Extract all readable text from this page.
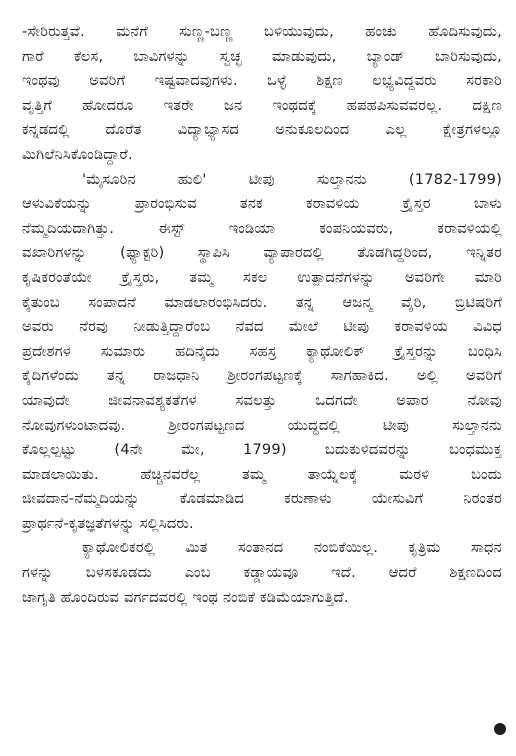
-ಸೇರಿರುತ್ತವೆ. ಮನೆಗೆ ಸುಣ್ಣ-ಬಣ್ಣ ಬಳಿಯುವುದು, ಹಂಚು ಹೊದಿಸುವುದು,
ಗಾರೆ ಕೆಲಸ, ಬಾವಿಗಳನ್ನು ಸ್ವಚ್ಛ ಮಾಡುವುದು, ಬ್ಯಾಂಡ್ ಬಾರಿಸುವುದು,
ಇಂಥವು ಅವರಿಗೆ ಇಷ್ಟವಾದವುಗಳು. ಒಳ್ಳೆ ಶಿಕ್ಷಣ ಲಭ್ಯವಿದ್ದವರು ಸರಕಾರಿ
ವೃತ್ತಿಗೆ ಹೋದರೂ ಇತರೇ ಜನ ಇಂಥದಕ್ಕೆ ಹಪಹಪಿಸುವವರಲ್ಲ. ದಕ್ಷಿಣ
ಕನ್ನಡದಲ್ಲಿ ದೊರೆತ ವಿದ್ಯಾಭ್ಯಾಸದ ಅನುಕೂಲದಿಂದ ಎಲ್ಲ ಕ್ಷೇತ್ರಗಳಲ್ಲೂ
ಮಿಗಿಲೆನಿಸಿಕೊಂಡಿದ್ದಾರೆ.
'ಮೈಸೂರಿನ ಹುಲಿ' ಟೀಪು ಸುಲ್ತಾನನು (1782-1799)
ಆಳುವಿಕೆಯನ್ನು ಪ್ರಾರಂಭಿಸುವ ತನಕ ಕರಾವಳಿಯ ಕ್ರೈಸ್ತರ ಬಾಳು
ನೆಮ್ಮದಿಯದಾಗಿತ್ತು. ಈಸ್ಟ್ ಇಂಡಿಯಾ ಕಂಪನಿಯವರು, ಕರಾವಳಿಯಲ್ಲಿ
ವಖಾರಿಗಳನ್ನು (ಫ್ಯಾಕ್ಟರಿ) ಸ್ಥಾಪಿಸಿ ವ್ಯಾಪಾರದಲ್ಲಿ ತೊಡಗಿದ್ದರಿಂದ, ಇನ್ನಿತರ
ಕೃಷಿಕರಂತೆಯೇ ಕ್ರೈಸ್ತರು, ತಮ್ಮ ಸಕಲ ಉತ್ಪಾದನೆಗಳನ್ನು ಅವರಿಗೇ ಮಾರಿ
ಕೈತುಂಬ ಸಂಪಾದನೆ ಮಾಡಲಾರಂಭಿಸಿದರು. ತನ್ನ ಆಜನ್ಮ ವೈರಿ, ಬ್ರಿಟಿಷರಿಗೆ
ಅವರು ನೆರವು ನೀಡುತ್ತಿದ್ದಾರೆಂಬ ನೆವದ ಮೇಲೆ ಟೀಪು ಕರಾವಳಿಯ ವಿವಿಧ
ಪ್ರದೇಶಗಳ ಸುಮಾರು ಹದಿನೈದು ಸಹಸ್ರ ಕ್ಯಾಥೋಲಿಕ್ ಕ್ರೈಸ್ತರನ್ನು ಬಂಧಿಸಿ
ಕೈದಿಗಳೆಂದು ತನ್ನ ರಾಜಧಾನಿ ಶ್ರೀರಂಗಪಟ್ಟಣಕ್ಕೆ ಸಾಗಹಾಕಿದ. ಅಲ್ಲಿ ಅವರಿಗೆ
ಯಾವುದೇ ಜೀವನಾವಶ್ಯಕತೆಗಳ ಸವಲತ್ತು ಒದಗದೇ ಅಪಾರ ನೋವು
ನೋವುಗಳುಂಟಾದವು. ಶ್ರೀರಂಗಪಟ್ಟಣದ ಯುದ್ಧದಲ್ಲಿ ಟೀಪು ಸುಲ್ತಾನನು
ಕೊಲ್ಲಲ್ಪಟ್ಟು (4ನೇ ಮೇ, 1799) ಬದುಕುಳಿದವರನ್ನು ಬಂಧಮುಕ್ತ
ಮಾಡಲಾಯಿತು. ಹೆಚ್ಚಿನವರೆಲ್ಲ ತಮ್ಮ ತಾಯ್ನೆಲಕ್ಕೆ ಮರಳಿ ಬಂದು
ಜೀವದಾನ-ನೆಮ್ಮದಿಯನ್ನು ಕೊಡಮಾಡಿದ ಕರುಣಾಳು ಯೇಸುವಿಗೆ ನಿರಂತರ
ಪ್ರಾರ್ಥನೆ-ಕೃತಜ್ಞತೆಗಳನ್ನು ಸಲ್ಲಿಸಿದರು.
ಕ್ಯಾಥೋಲಿಕರಲ್ಲಿ ಮಿತ ಸಂತಾನದ ನಂಬಿಕೆಯಿಲ್ಲ. ಕೃತ್ರಿಮ ಸಾಧನ
ಗಳನ್ನು ಬಳಸಕೂಡದು ಎಂಬ ಕಡ್ಡಾಯವೂ ಇದೆ. ಆದರೆ ಶಿಕ್ಷಣದಿಂದ
ಜಾಗೃತಿ ಹೊಂದಿರುವ ವರ್ಗದವರಲ್ಲಿ ಇಂಥ ನಂಬಿಕೆ ಕಡಿಮೆಯಾಗುತ್ತಿದೆ.
